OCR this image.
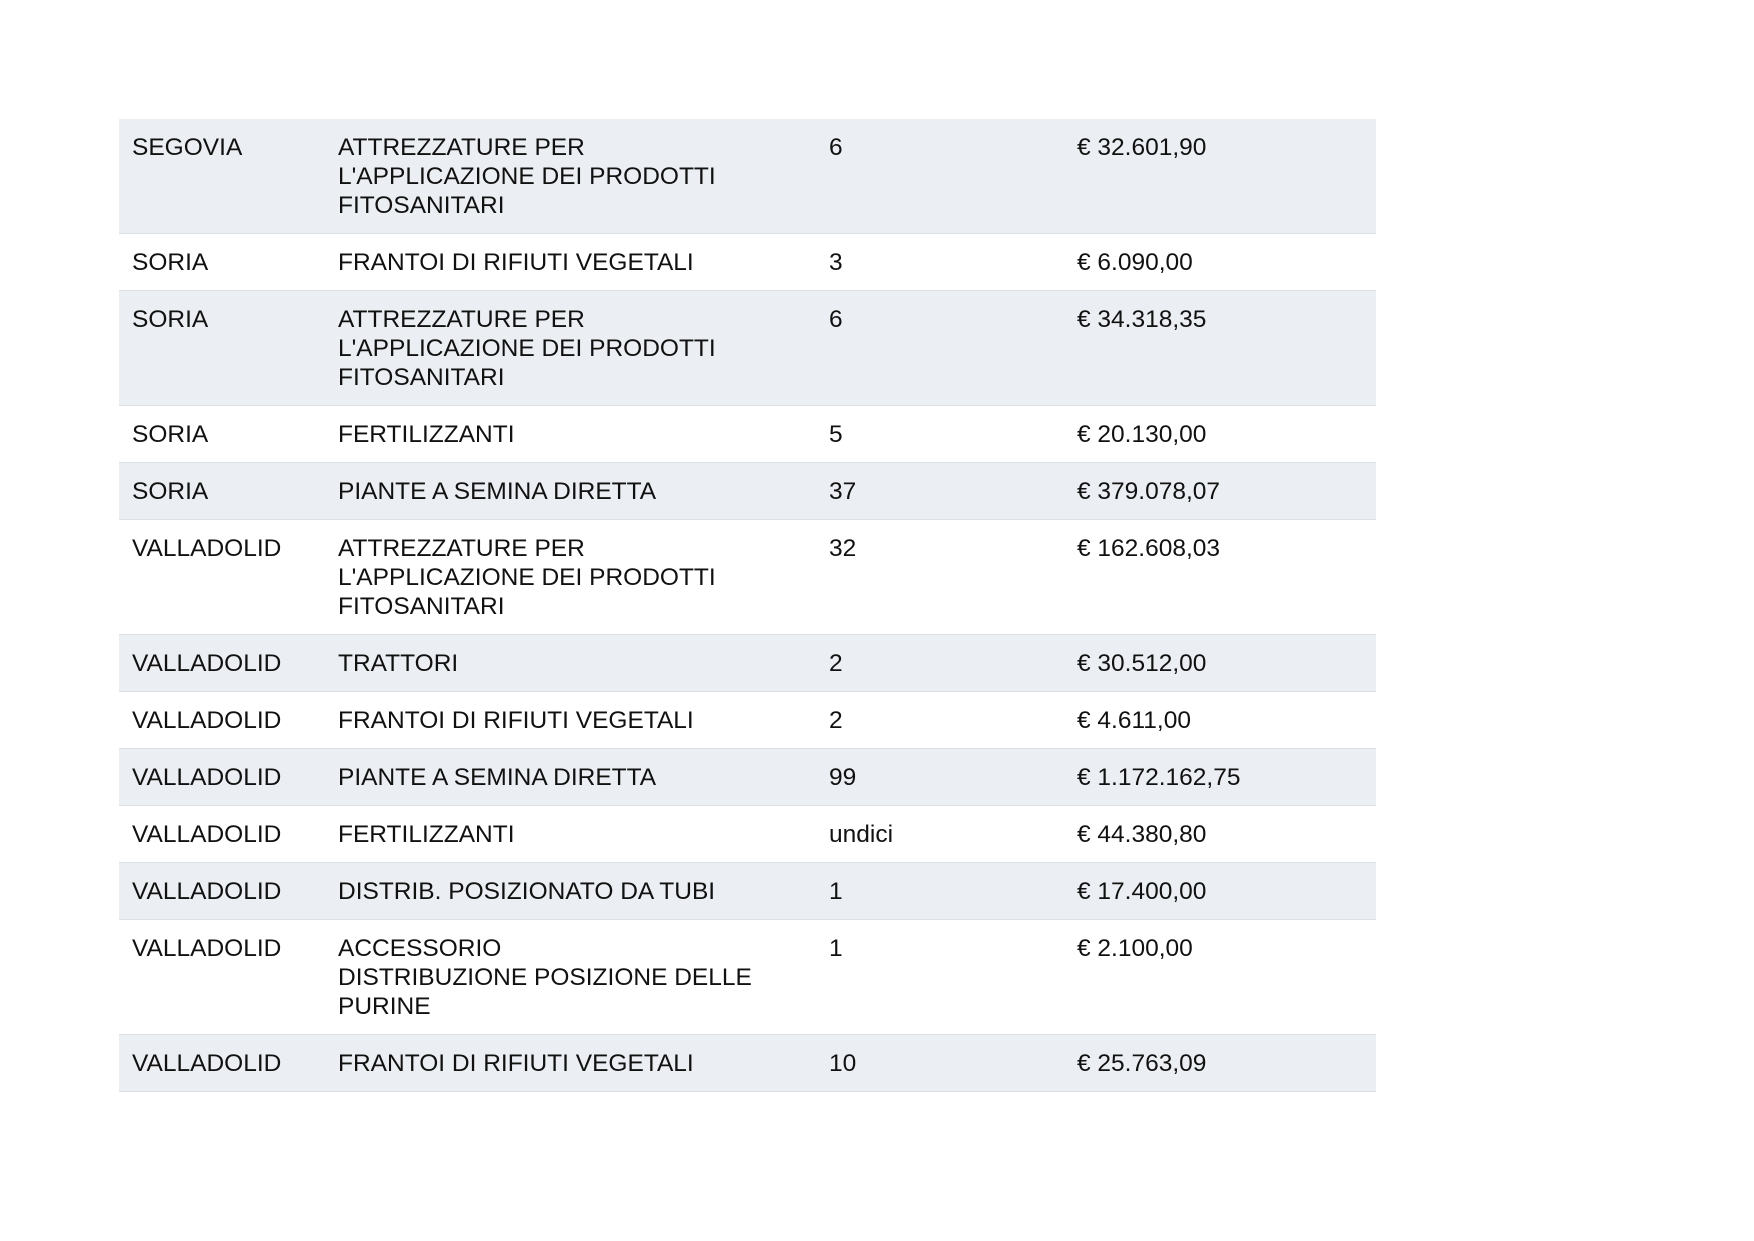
SEGOVIA	ATTREZZATURE PER
L'APPLICAZIONE DEI PRODOTTI
FITOSANITARI	6	€ 32.601,90
SORIA	FRANTOI DI RIFIUTI VEGETALI	3	€ 6.090,00
SORIA	ATTREZZATURE PER
L'APPLICAZIONE DEI PRODOTTI
FITOSANITARI	6	€ 34.318,35
SORIA	FERTILIZZANTI	5	€ 20.130,00
SORIA	PIANTE A SEMINA DIRETTA	37	€ 379.078,07
VALLADOLID	ATTREZZATURE PER
L'APPLICAZIONE DEI PRODOTTI
FITOSANITARI	32	€ 162.608,03
VALLADOLID	TRATTORI	2	€ 30.512,00
VALLADOLID	FRANTOI DI RIFIUTI VEGETALI	2	€ 4.611,00
VALLADOLID	PIANTE A SEMINA DIRETTA	99	€ 1.172.162,75
VALLADOLID	FERTILIZZANTI	undici	€ 44.380,80
VALLADOLID	DISTRIB. POSIZIONATO DA TUBI	1	€ 17.400,00
VALLADOLID	ACCESSORIO
DISTRIBUZIONE POSIZIONE DELLE
PURINE	1	€ 2.100,00
VALLADOLID	FRANTOI DI RIFIUTI VEGETALI	10	€ 25.763,09
